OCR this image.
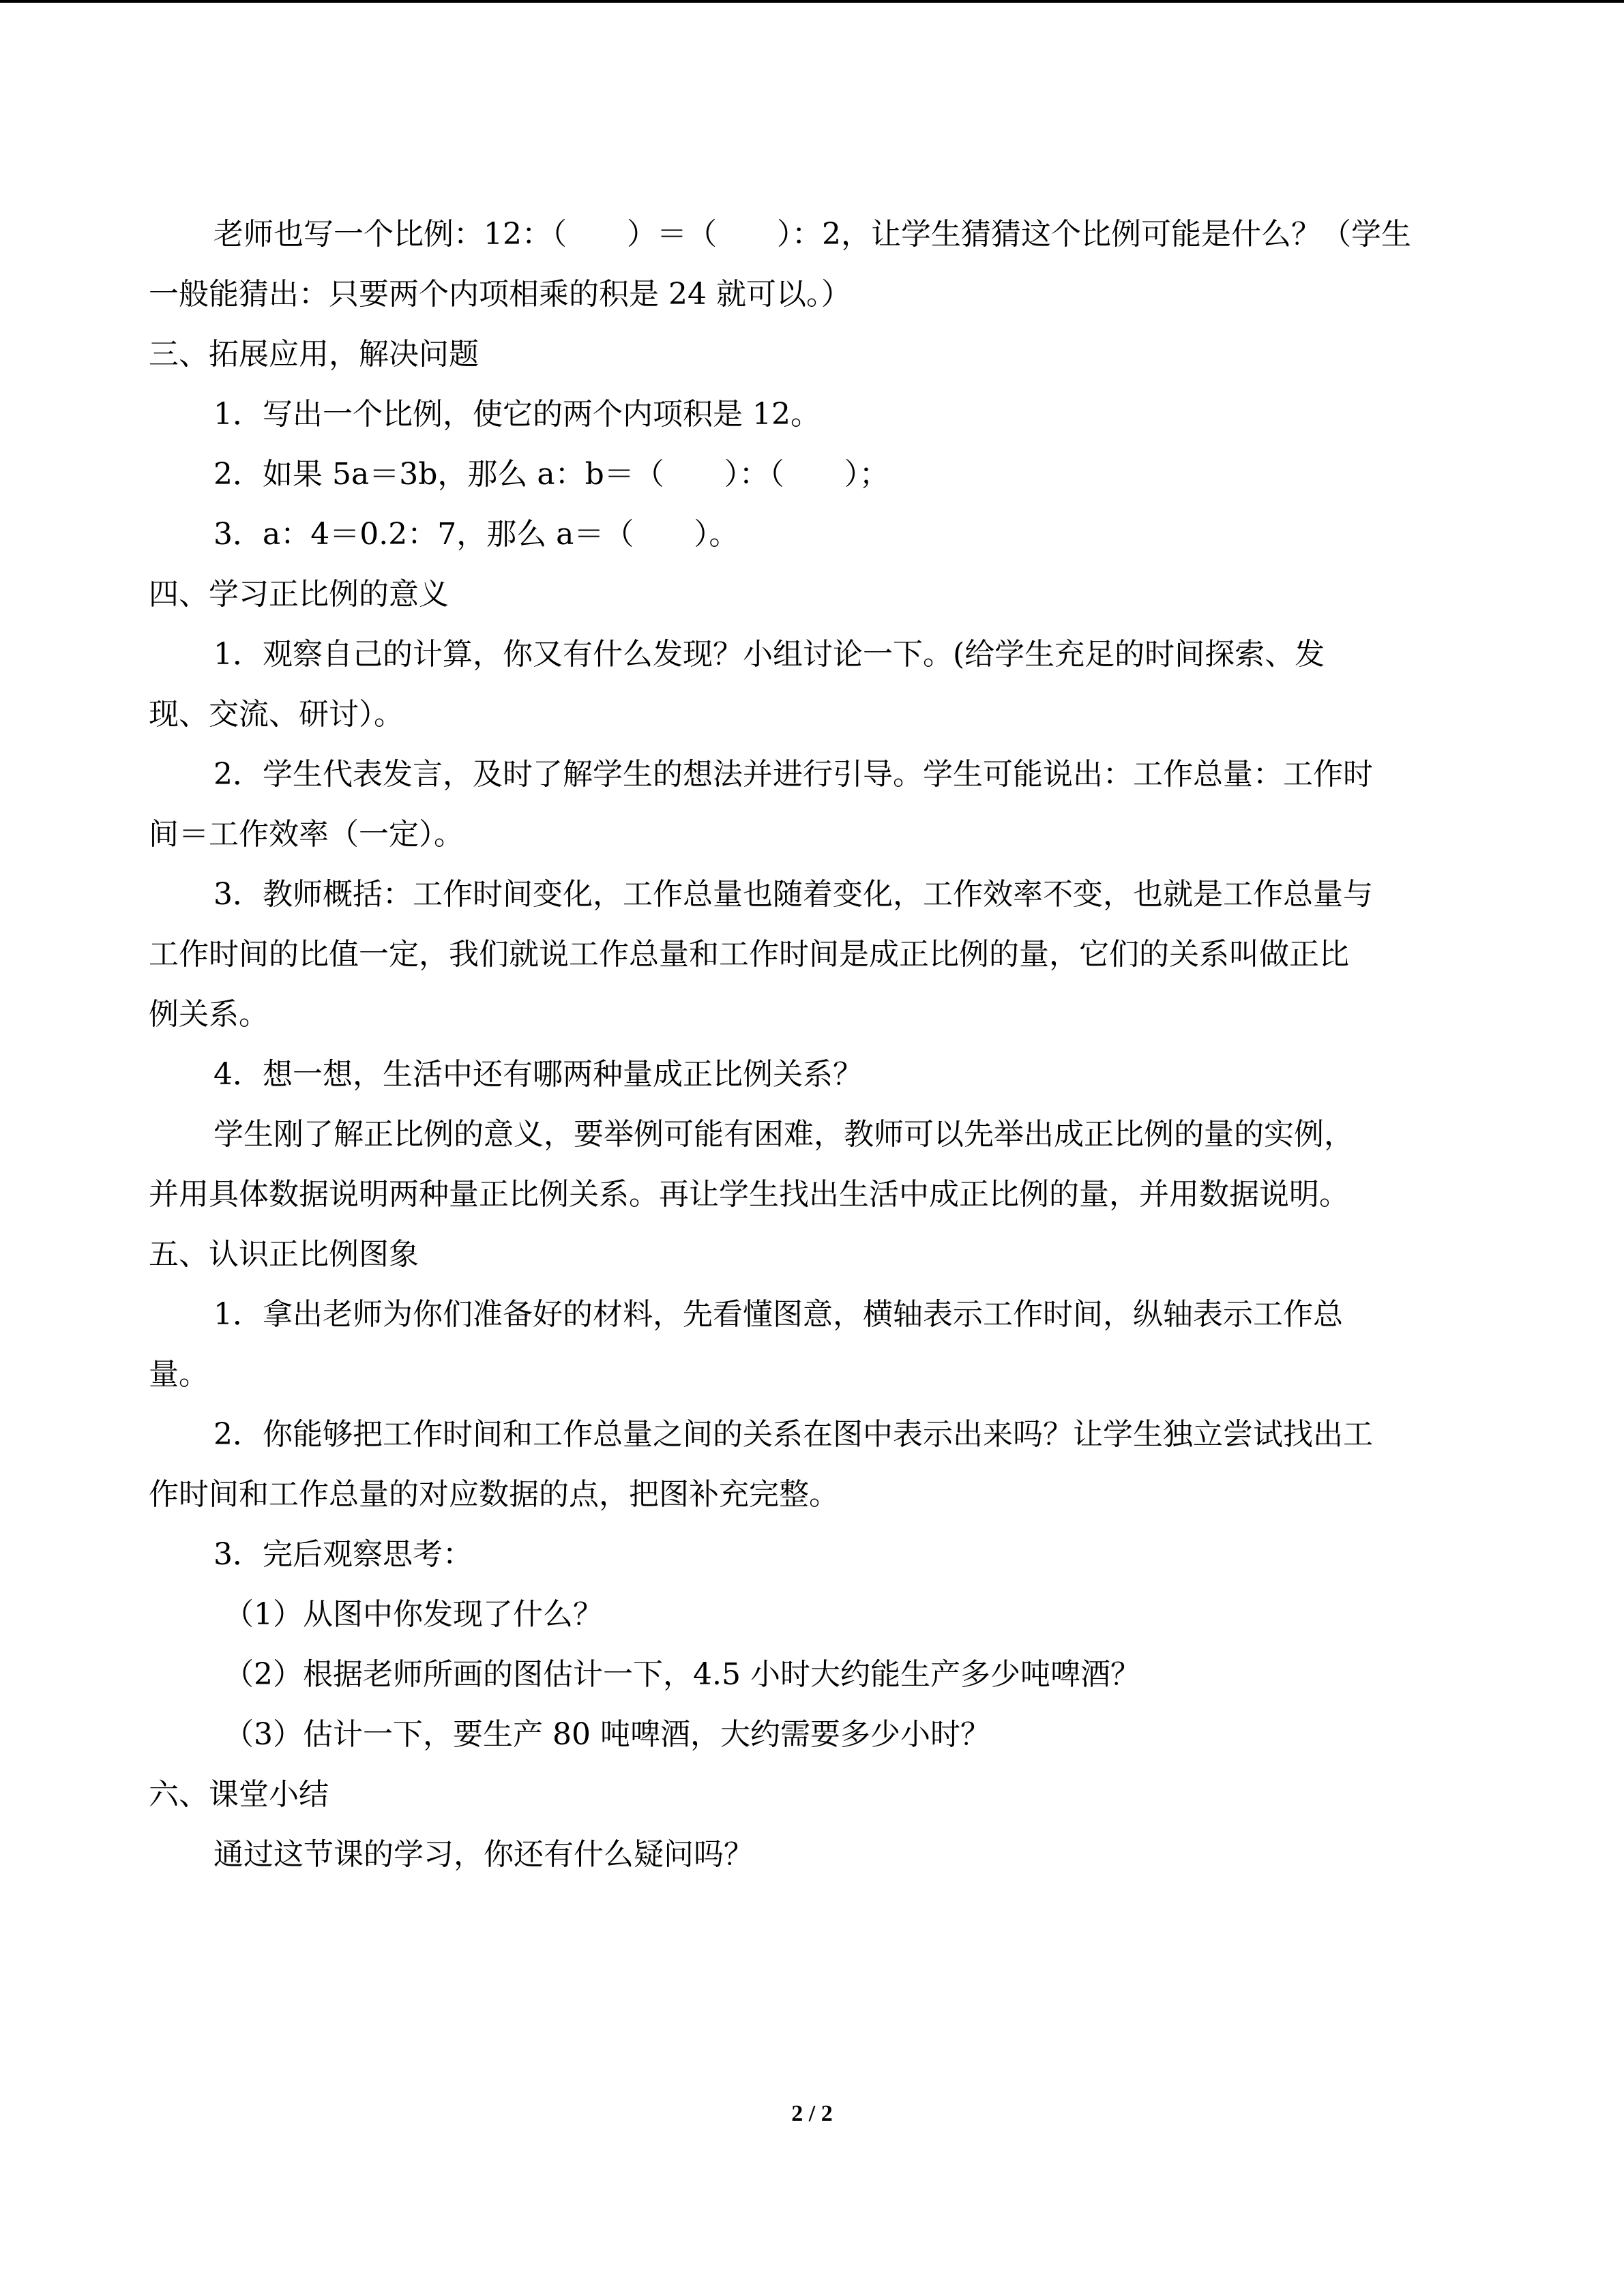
老师也写一个比例：12：（　　）＝（　　）：2，让学生猜猜这个比例可能是什么？（学生
一般能猜出：只要两个内项相乘的积是 24 就可以。）
三、拓展应用，解决问题
1．写出一个比例，使它的两个内项积是 12。
2．如果 5a＝3b，那么 a：b＝（　　）：（　　）；
3．a：4＝0.2：7，那么 a＝（　　）。
四、学习正比例的意义
1．观察自己的计算，你又有什么发现？小组讨论一下。(给学生充足的时间探索、发
现、交流、研讨）。
2．学生代表发言，及时了解学生的想法并进行引导。学生可能说出：工作总量：工作时
间＝工作效率（一定）。
3．教师概括：工作时间变化，工作总量也随着变化，工作效率不变，也就是工作总量与
工作时间的比值一定，我们就说工作总量和工作时间是成正比例的量，它们的关系叫做正比
例关系。
4．想一想，生活中还有哪两种量成正比例关系？
学生刚了解正比例的意义，要举例可能有困难，教师可以先举出成正比例的量的实例，
并用具体数据说明两种量正比例关系。再让学生找出生活中成正比例的量，并用数据说明。
五、认识正比例图象
1．拿出老师为你们准备好的材料，先看懂图意，横轴表示工作时间，纵轴表示工作总
量。
2．你能够把工作时间和工作总量之间的关系在图中表示出来吗？让学生独立尝试找出工
作时间和工作总量的对应数据的点，把图补充完整。
3．完后观察思考：
（1）从图中你发现了什么？
（2）根据老师所画的图估计一下，4.5 小时大约能生产多少吨啤酒？
（3）估计一下，要生产 80 吨啤酒，大约需要多少小时？
六、课堂小结
通过这节课的学习，你还有什么疑问吗？
2 / 2
